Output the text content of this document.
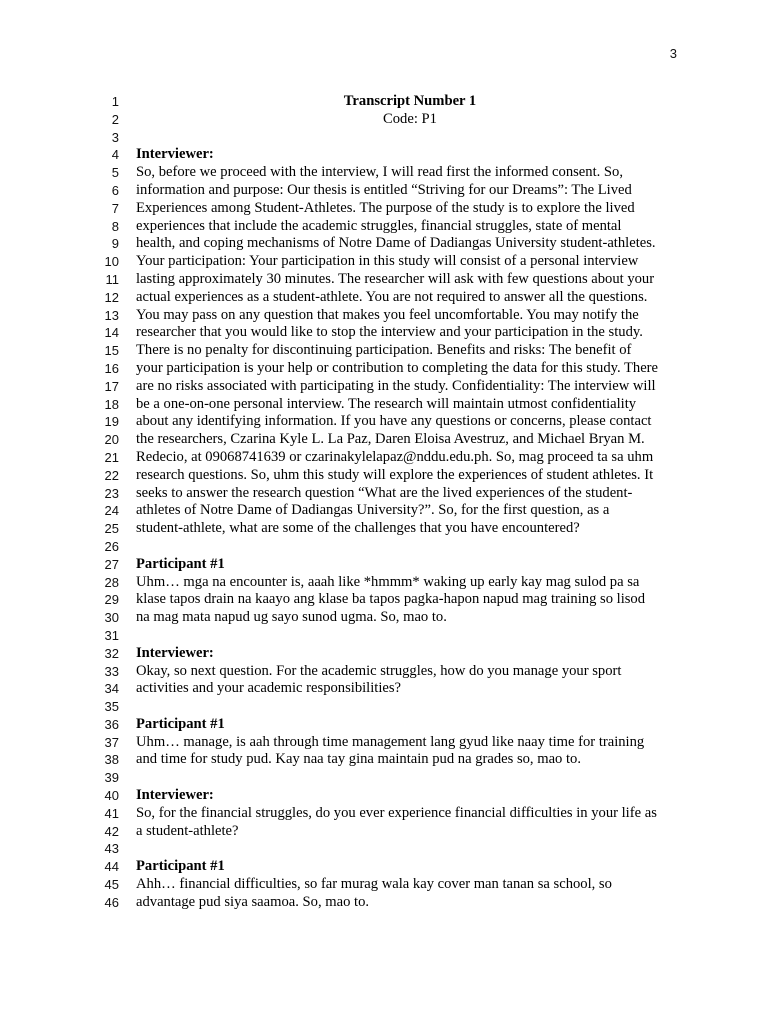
3
1	Transcript Number 1
2	Code: P1
3
4 Interviewer:
5 So, before we proceed with the interview, I will read first the informed consent. So,
6 information and purpose: Our thesis is entitled “Striving for our Dreams”: The Lived
7 Experiences among Student-Athletes. The purpose of the study is to explore the lived
8 experiences that include the academic struggles, financial struggles, state of mental
9 health, and coping mechanisms of Notre Dame of Dadiangas University student-athletes.
10 Your participation: Your participation in this study will consist of a personal interview
11 lasting approximately 30 minutes. The researcher will ask with few questions about your
12 actual experiences as a student-athlete. You are not required to answer all the questions.
13 You may pass on any question that makes you feel uncomfortable. You may notify the
14 researcher that you would like to stop the interview and your participation in the study.
15 There is no penalty for discontinuing participation. Benefits and risks: The benefit of
16 your participation is your help or contribution to completing the data for this study. There
17 are no risks associated with participating in the study. Confidentiality: The interview will
18 be a one-on-one personal interview. The research will maintain utmost confidentiality
19 about any identifying information. If you have any questions or concerns, please contact
20 the researchers, Czarina Kyle L. La Paz, Daren Eloisa Avestruz, and Michael Bryan M.
21 Redecio, at 09068741639 or czarinakylelapaz@nddu.edu.ph. So, mag proceed ta sa uhm
22 research questions. So, uhm this study will explore the experiences of student athletes. It
23 seeks to answer the research question “What are the lived experiences of the student-
24 athletes of Notre Dame of Dadiangas University?”. So, for the first question, as a
25 student-athlete, what are some of the challenges that you have encountered?
26
27 Participant #1
28 Uhm… mga na encounter is, aaah like *hmmm* waking up early kay mag sulod pa sa
29 klase tapos drain na kaayo ang klase ba tapos pagka-hapon napud mag training so lisod
30 na mag mata napud ug sayo sunod ugma. So, mao to.
31
32 Interviewer:
33 Okay, so next question. For the academic struggles, how do you manage your sport
34 activities and your academic responsibilities?
35
36 Participant #1
37 Uhm… manage, is aah through time management lang gyud like naay time for training
38 and time for study pud. Kay naa tay gina maintain pud na grades so, mao to.
39
40 Interviewer:
41 So, for the financial struggles, do you ever experience financial difficulties in your life as
42 a student-athlete?
43
44 Participant #1
45 Ahh… financial difficulties, so far murag wala kay cover man tanan sa school, so
46 advantage pud siya saamoa. So, mao to.
